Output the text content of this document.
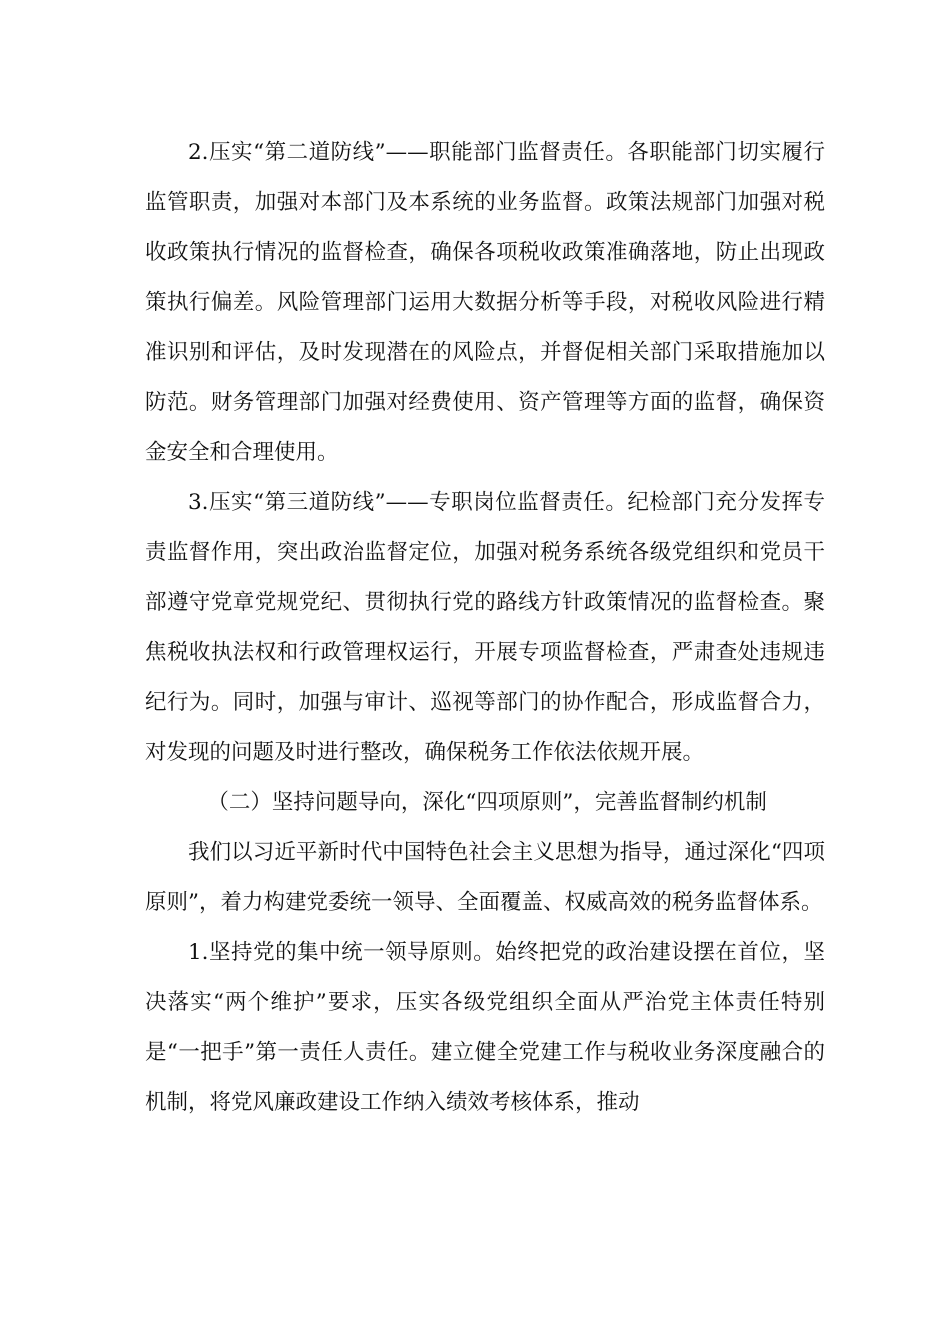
2.压实“第二道防线”——职能部门监督责任。各职能部门切实履行监管职责，加强对本部门及本系统的业务监督。政策法规部门加强对税收政策执行情况的监督检查，确保各项税收政策准确落地，防止出现政策执行偏差。风险管理部门运用大数据分析等手段，对税收风险进行精准识别和评估，及时发现潜在的风险点，并督促相关部门采取措施加以防范。财务管理部门加强对经费使用、资产管理等方面的监督，确保资金安全和合理使用。

3.压实“第三道防线”——专职岗位监督责任。纪检部门充分发挥专责监督作用，突出政治监督定位，加强对税务系统各级党组织和党员干部遵守党章党规党纪、贯彻执行党的路线方针政策情况的监督检查。聚焦税收执法权和行政管理权运行，开展专项监督检查，严肃查处违规违纪行为。同时，加强与审计、巡视等部门的协作配合，形成监督合力，对发现的问题及时进行整改，确保税务工作依法依规开展。

（二）坚持问题导向，深化“四项原则”，完善监督制约机制

我们以习近平新时代中国特色社会主义思想为指导，通过深化“四项原则”，着力构建党委统一领导、全面覆盖、权威高效的税务监督体系。

1.坚持党的集中统一领导原则。始终把党的政治建设摆在首位，坚决落实“两个维护”要求，压实各级党组织全面从严治党主体责任特别是“一把手”第一责任人责任。建立健全党建工作与税收业务深度融合的机制，将党风廉政建设工作纳入绩效考核体系，推动
